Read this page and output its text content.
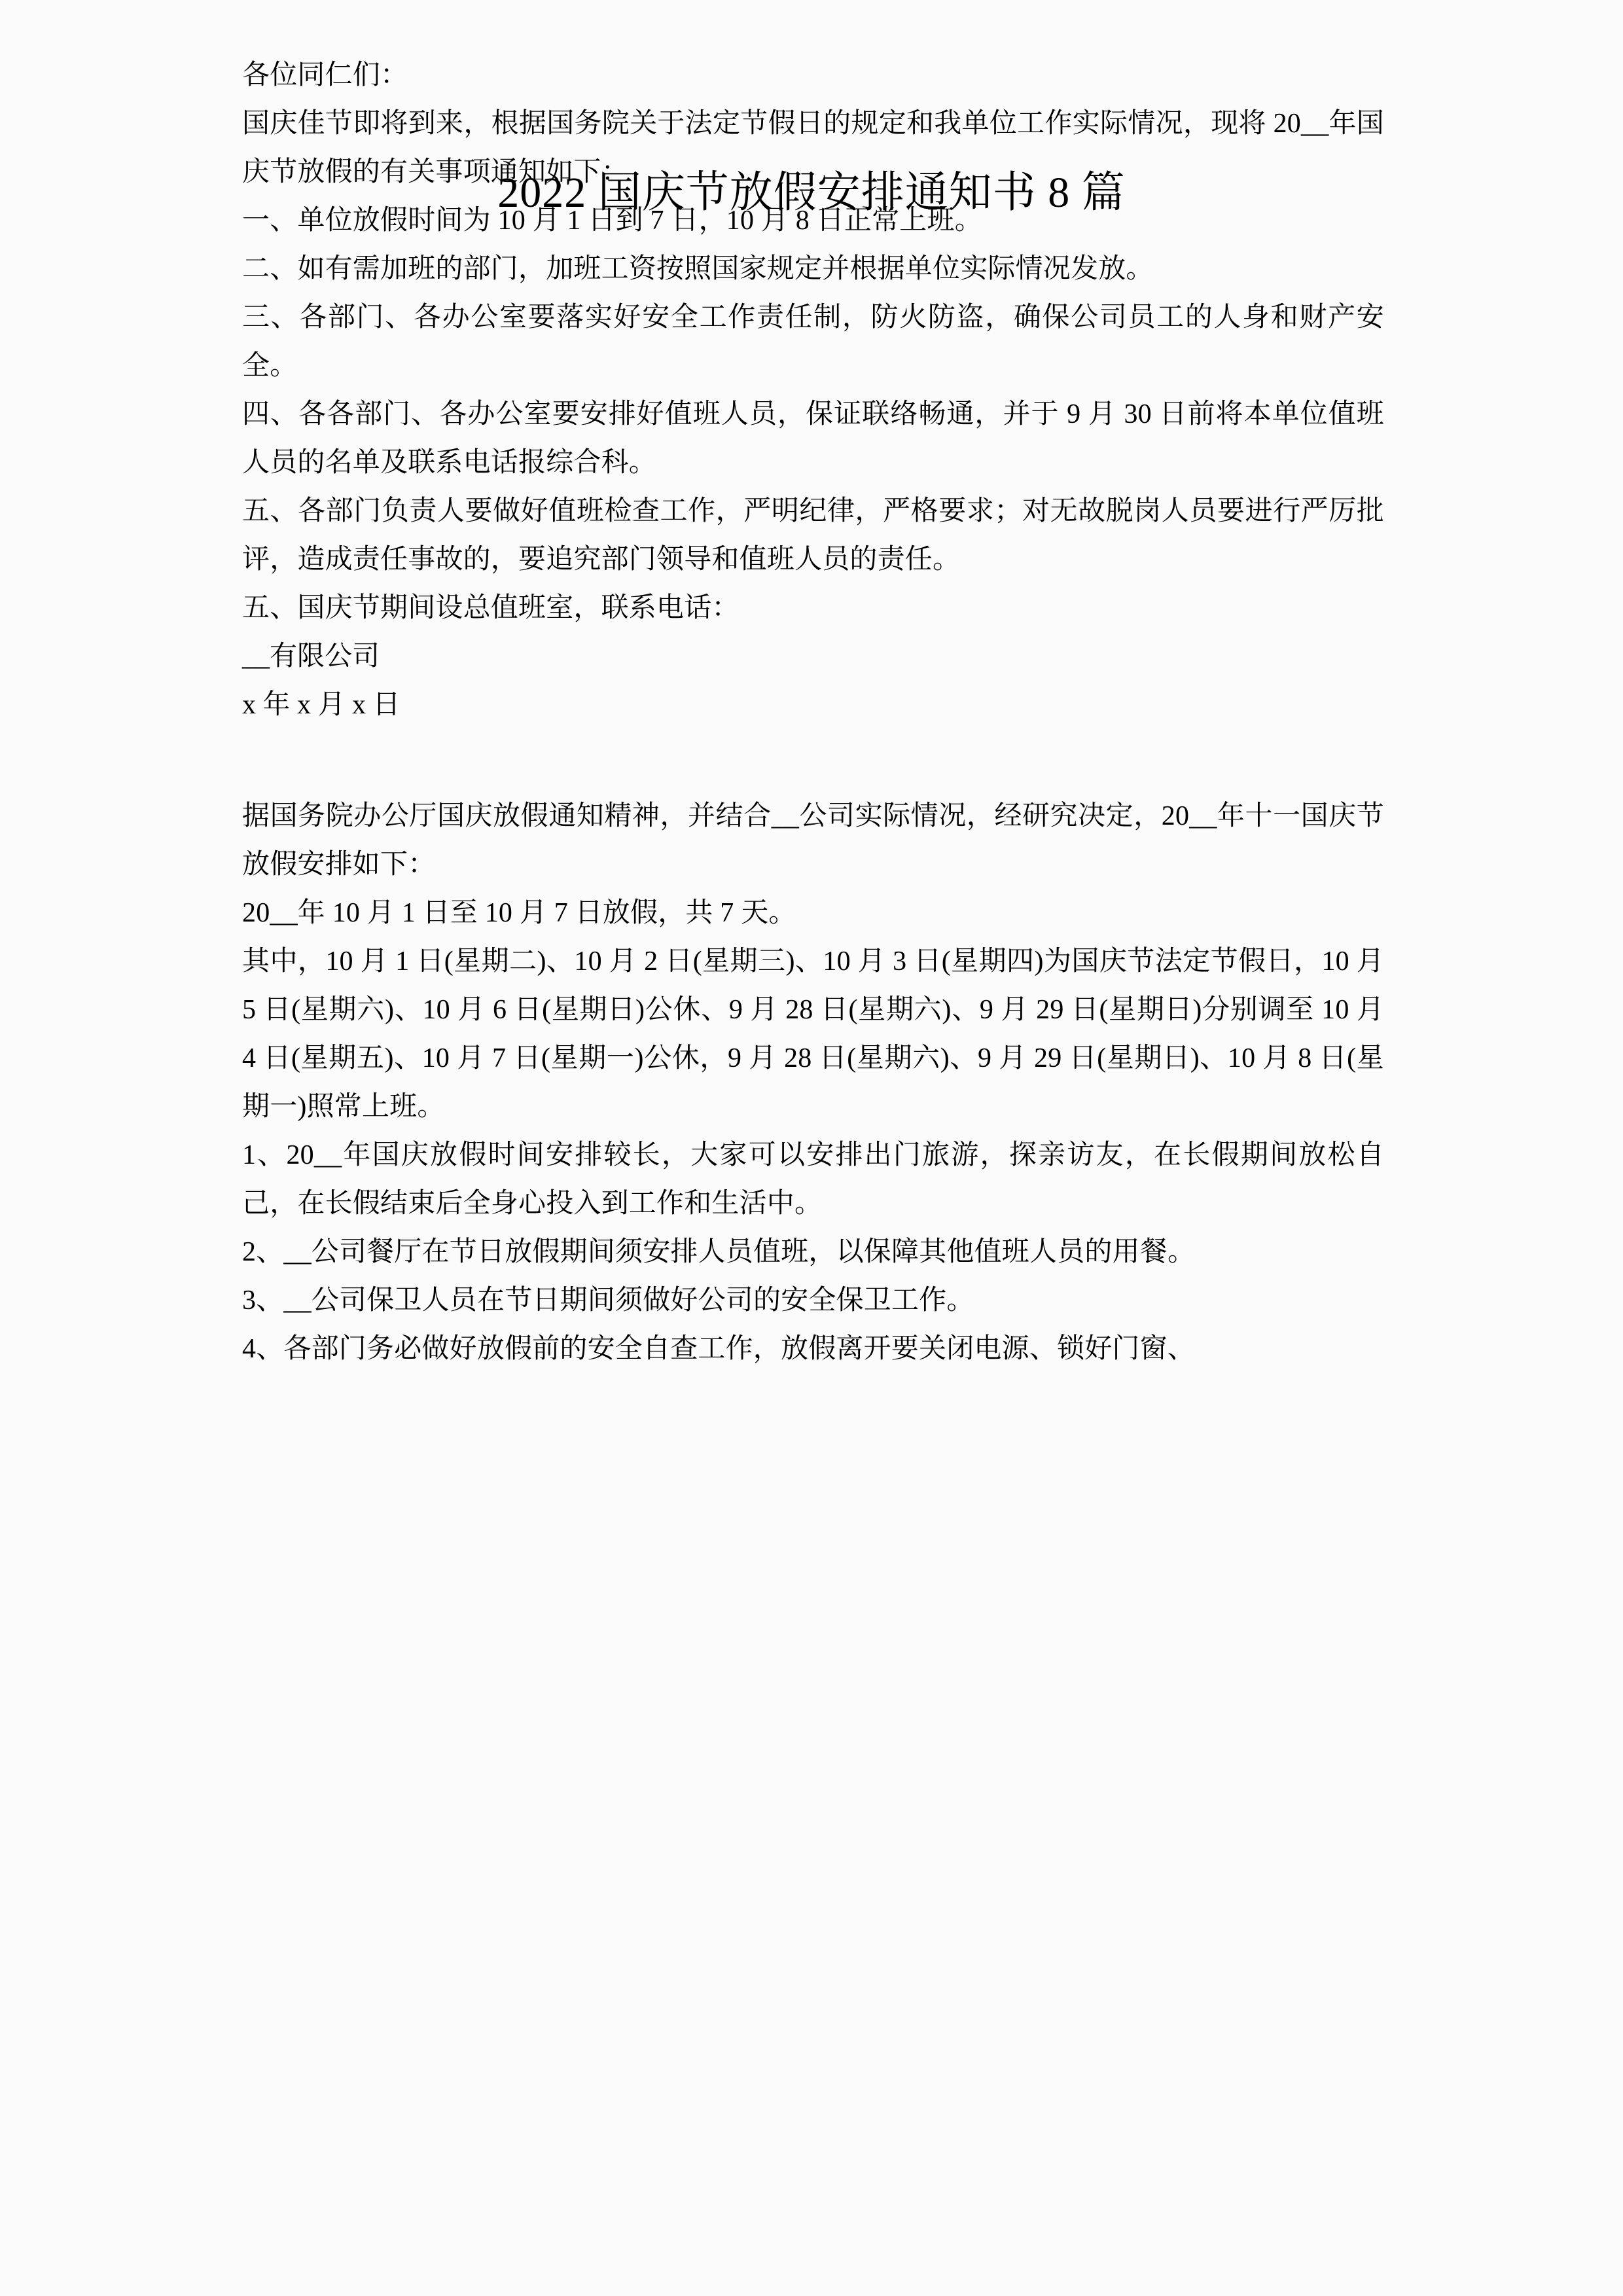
2022 国庆节放假安排通知书 8 篇

各位同仁们：

国庆佳节即将到来，根据国务院关于法定节假日的规定和我单位工作实际情况，现将 20__年国庆节放假的有关事项通知如下：

一、单位放假时间为 10 月 1 日到 7 日，10 月 8 日正常上班。

二、如有需加班的部门，加班工资按照国家规定并根据单位实际情况发放。

三、各部门、各办公室要落实好安全工作责任制，防火防盗，确保公司员工的人身和财产安全。

四、各各部门、各办公室要安排好值班人员，保证联络畅通，并于 9 月 30 日前将本单位值班人员的名单及联系电话报综合科。

五、各部门负责人要做好值班检查工作，严明纪律，严格要求；对无故脱岗人员要进行严厉批评，造成责任事故的，要追究部门领导和值班人员的责任。

五、国庆节期间设总值班室，联系电话：

__有限公司

x 年 x 月 x 日

据国务院办公厅国庆放假通知精神，并结合__公司实际情况，经研究决定，20__年十一国庆节放假安排如下：

20__年 10 月 1 日至 10 月 7 日放假，共 7 天。

其中，10 月 1 日(星期二)、10 月 2 日(星期三)、10 月 3 日(星期四)为国庆节法定节假日，10 月 5 日(星期六)、10 月 6 日(星期日)公休、9 月 28 日(星期六)、9 月 29 日(星期日)分别调至 10 月 4 日(星期五)、10 月 7 日(星期一)公休，9 月 28 日(星期六)、9 月 29 日(星期日)、10 月 8 日(星期一)照常上班。

1、20__年国庆放假时间安排较长，大家可以安排出门旅游，探亲访友，在长假期间放松自己，在长假结束后全身心投入到工作和生活中。

2、__公司餐厅在节日放假期间须安排人员值班，以保障其他值班人员的用餐。

3、__公司保卫人员在节日期间须做好公司的安全保卫工作。

4、各部门务必做好放假前的安全自查工作，放假离开要关闭电源、锁好门窗、
